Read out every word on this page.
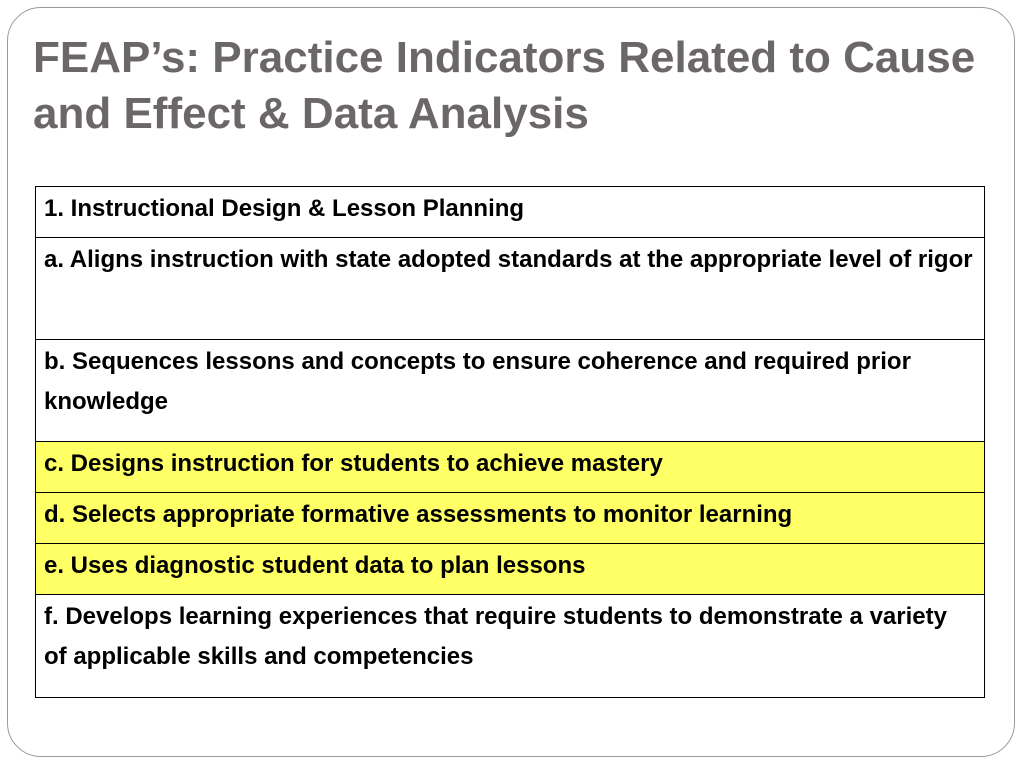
FEAP’s: Practice Indicators Related to Cause and Effect & Data Analysis
1. Instructional Design & Lesson Planning
a. Aligns instruction with state adopted standards at the appropriate level of rigor
b. Sequences lessons and concepts to ensure coherence and required prior knowledge
c. Designs instruction for students to achieve mastery
d. Selects appropriate formative assessments to monitor learning
e. Uses diagnostic student data to plan lessons
f. Develops learning experiences that require students to demonstrate a variety of applicable skills and competencies
